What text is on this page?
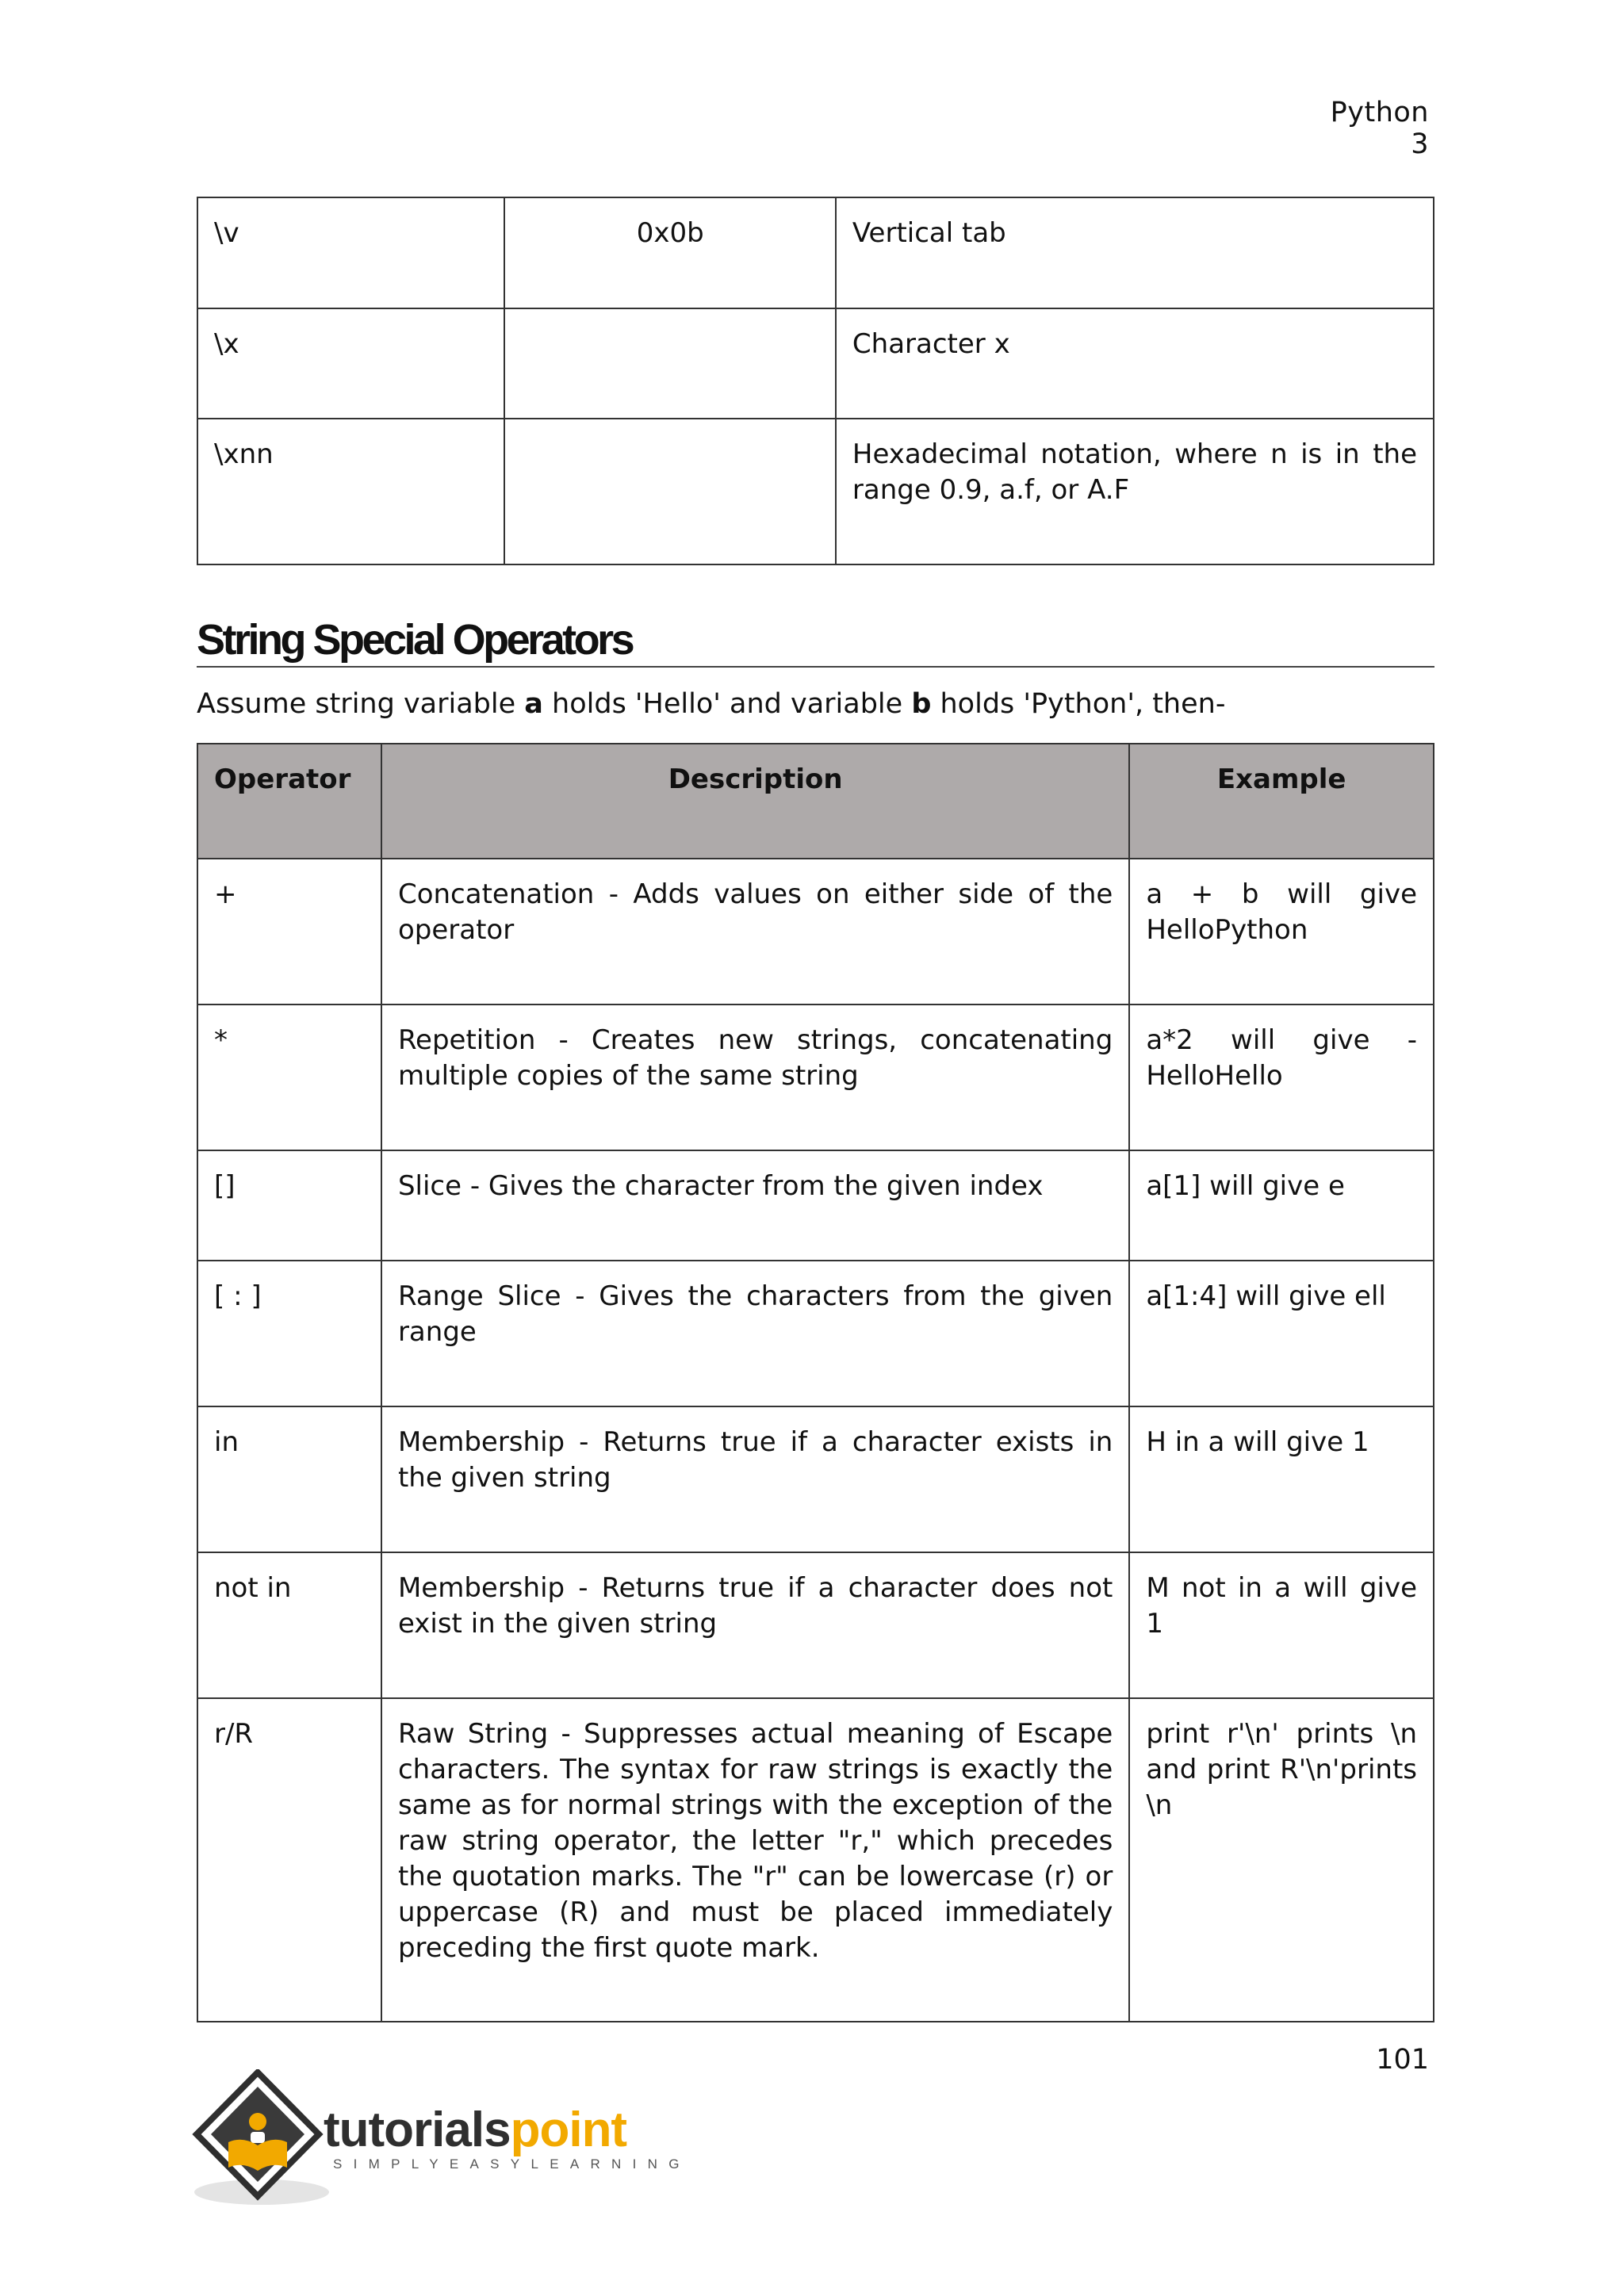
Python 3
\v	0x0b	Vertical tab
\x		Character x
\xnn		Hexadecimal notation, where n is in the range 0.9, a.f, or A.F
String Special Operators
Assume string variable a holds 'Hello' and variable b holds 'Python', then-
Operator	Description	Example
+	Concatenation - Adds values on either side of the operator	a + b will give HelloPython
*	Repetition - Creates new strings, concatenating multiple copies of the same string	a*2 will give - HelloHello
[]	Slice - Gives the character from the given index	a[1] will give e
[ : ]	Range Slice - Gives the characters from the given range	a[1:4] will give ell
in	Membership - Returns true if a character exists in the given string	H in a will give 1
not in	Membership - Returns true if a character does not exist in the given string	M not in a will give 1
r/R	Raw String - Suppresses actual meaning of Escape characters. The syntax for raw strings is exactly the same as for normal strings with the exception of the raw string operator, the letter "r," which precedes the quotation marks. The "r" can be lowercase (r) or uppercase (R) and must be placed immediately preceding the first quote mark.	print r'\n' prints \n and print R'\n'prints \n
101
tutorialspoint
SIMPLYEASYLEARNING
